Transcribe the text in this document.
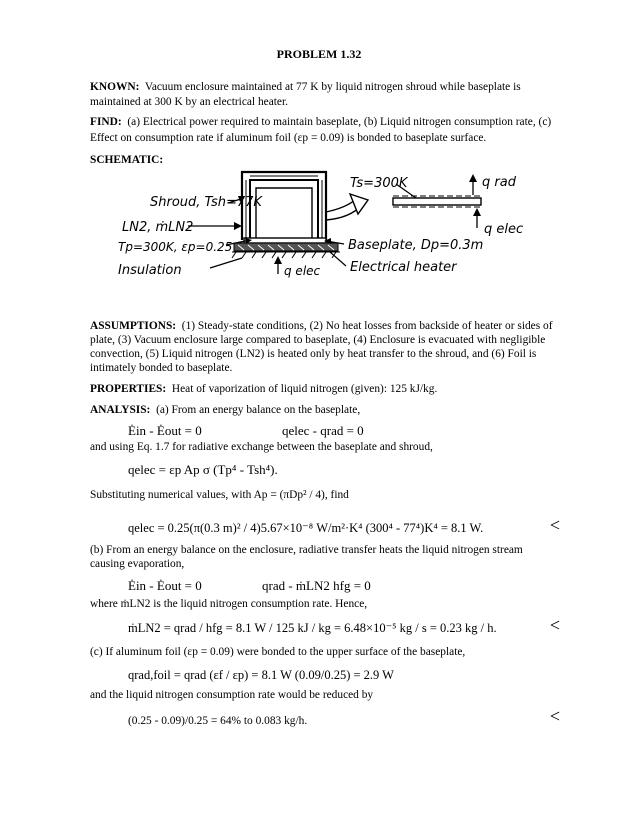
PROBLEM 1.32
KNOWN: Vacuum enclosure maintained at 77 K by liquid nitrogen shroud while baseplate is
maintained at 300 K by an electrical heater.
FIND: (a) Electrical power required to maintain baseplate, (b) Liquid nitrogen consumption rate, (c)
Effect on consumption rate if aluminum foil (εp = 0.09) is bonded to baseplate surface.
SCHEMATIC:
Shroud, Tsh=77K
LN2, ṁLN2
Tp=300K, εp=0.25
Insulation	q elec
Baseplate, Dp=0.3m
Electrical heater
Ts=300K	q rad
q elec
ASSUMPTIONS: (1) Steady-state conditions, (2) No heat losses from backside of heater or sides of
plate, (3) Vacuum enclosure large compared to baseplate, (4) Enclosure is evacuated with negligible
convection, (5) Liquid nitrogen (LN2) is heated only by heat transfer to the shroud, and (6) Foil is
intimately bonded to baseplate.
PROPERTIES: Heat of vaporization of liquid nitrogen (given): 125 kJ/kg.
ANALYSIS: (a) From an energy balance on the baseplate,
Ėin - Ėout = 0	qelec - qrad = 0
and using Eq. 1.7 for radiative exchange between the baseplate and shroud,
qelec = εp Ap σ (Tp⁴ - Tsh⁴).
Substituting numerical values, with Ap = (πDp² / 4), find
qelec = 0.25(π(0.3 m)² / 4)5.67×10⁻⁸ W/m²·K⁴ (300⁴ - 77⁴)K⁴ = 8.1 W.	<
(b) From an energy balance on the enclosure, radiative transfer heats the liquid nitrogen stream
causing evaporation,
Ėin - Ėout = 0	qrad - ṁLN2 hfg = 0
where ṁLN2 is the liquid nitrogen consumption rate. Hence,
ṁLN2 = qrad / hfg = 8.1 W / 125 kJ / kg = 6.48×10⁻⁵ kg / s = 0.23 kg / h.	<
(c) If aluminum foil (εp = 0.09) were bonded to the upper surface of the baseplate,
qrad,foil = qrad (εf / εp) = 8.1 W (0.09/0.25) = 2.9 W
and the liquid nitrogen consumption rate would be reduced by
(0.25 - 0.09)/0.25 = 64% to 0.083 kg/h.	<
